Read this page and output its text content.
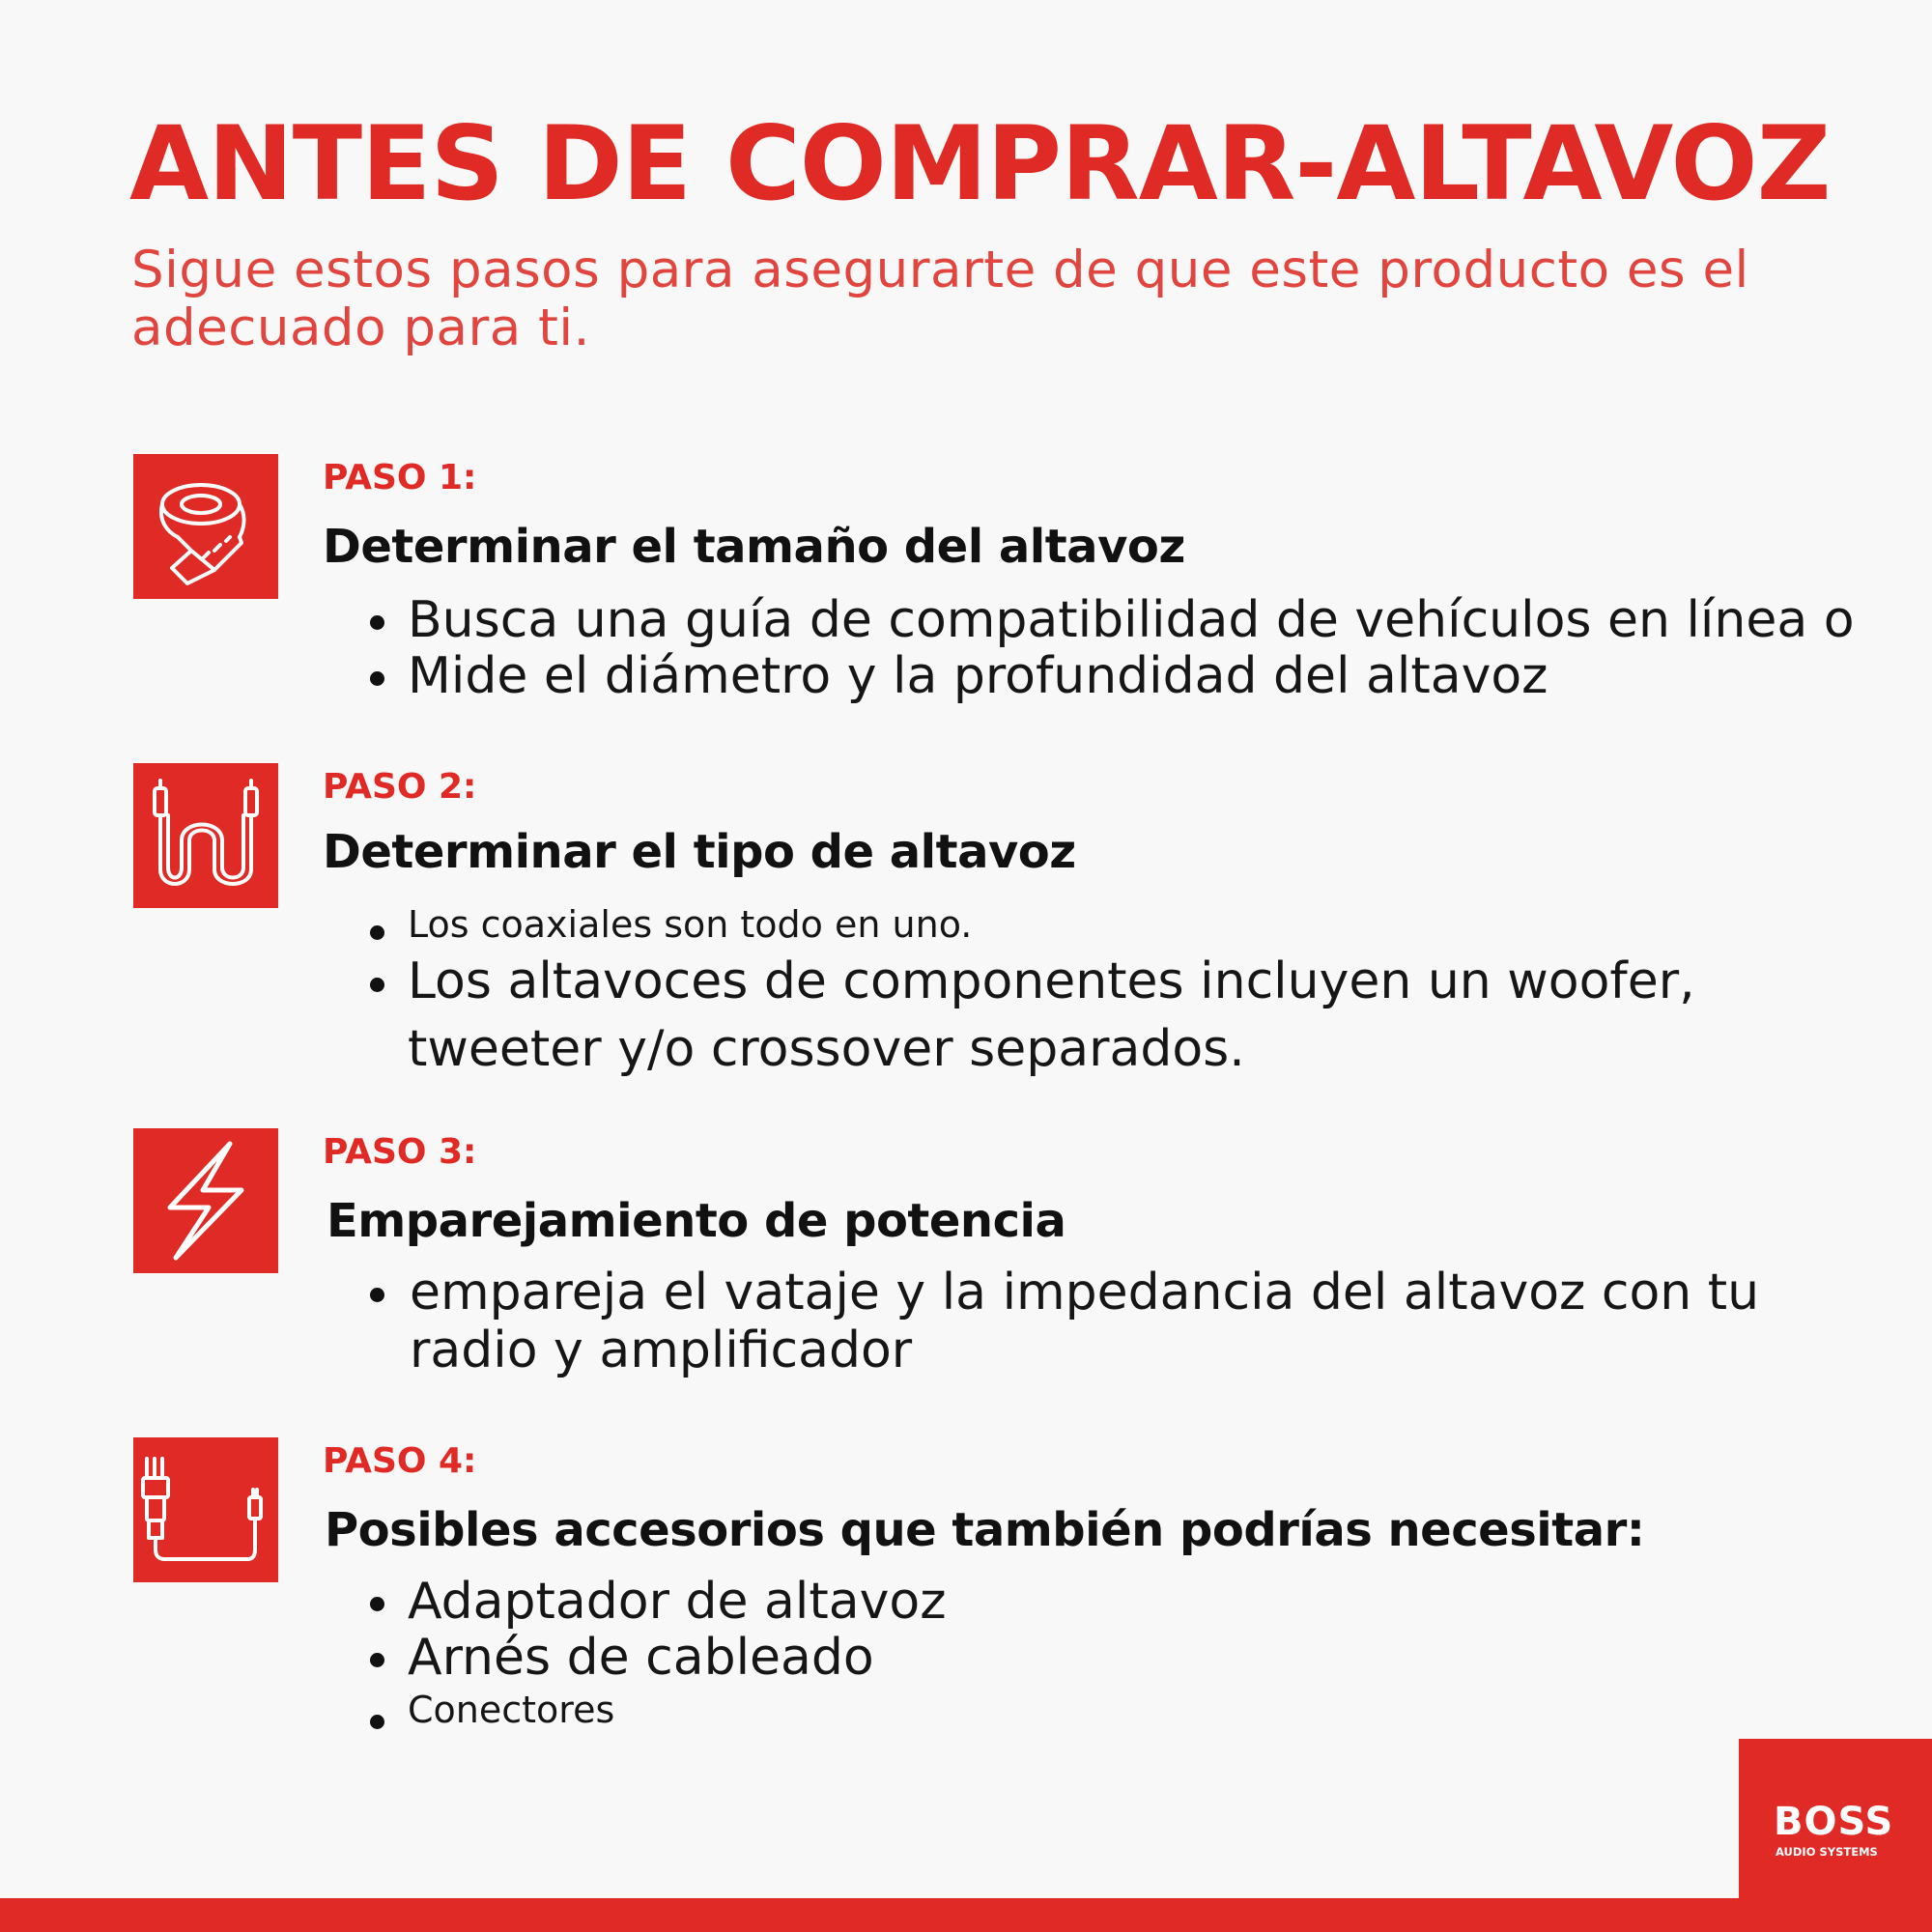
ANTES DE COMPRAR-ALTAVOZ
Sigue estos pasos para asegurarte de que este producto es el adecuado para ti.
PASO 1:
Determinar el tamaño del altavoz
Busca una guía de compatibilidad de vehículos en línea o
Mide el diámetro y la profundidad del altavoz
PASO 2:
Determinar el tipo de altavoz
Los coaxiales son todo en uno.
Los altavoces de componentes incluyen un woofer,
tweeter y/o crossover separados.
PASO 3:
Emparejamiento de potencia
empareja el vataje y la impedancia del altavoz con tu
radio y amplificador
PASO 4:
Posibles accesorios que también podrías necesitar:
Adaptador de altavoz
Arnés de cableado
Conectores
BOSS
AUDIO SYSTEMS
